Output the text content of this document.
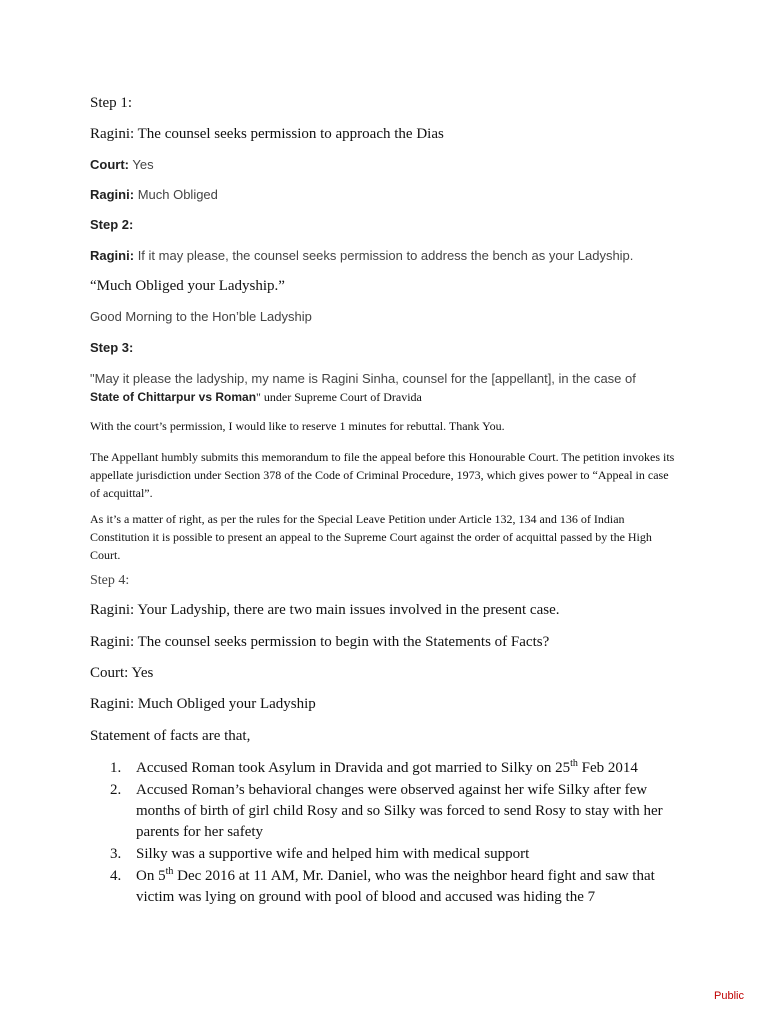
Step 1:
Ragini: The counsel seeks permission to approach the Dias
Court: Yes
Ragini: Much Obliged
Step 2:
Ragini: If it may please, the counsel seeks permission to address the bench as your Ladyship.
“Much Obliged your Ladyship.”
Good Morning to the Hon’ble Ladyship
Step 3:
"May it please the ladyship, my name is Ragini Sinha, counsel for the [appellant], in the case of
State of Chittarpur vs Roman" under Supreme Court of Dravida
With the court’s permission, I would like to reserve 1 minutes for rebuttal. Thank You.
The Appellant humbly submits this memorandum to file the appeal before this Honourable Court. The petition invokes its appellate jurisdiction under Section 378 of the Code of Criminal Procedure, 1973, which gives power to “Appeal in case of acquittal”.
As it’s a matter of right, as per the rules for the Special Leave Petition under Article 132, 134 and 136 of Indian Constitution it is possible to present an appeal to the Supreme Court against the order of acquittal passed by the High Court.
Step 4:
Ragini: Your Ladyship, there are two main issues involved in the present case.
Ragini: The counsel seeks permission to begin with the Statements of Facts?
Court: Yes
Ragini: Much Obliged your Ladyship
Statement of facts are that,
1. Accused Roman took Asylum in Dravida and got married to Silky on 25th Feb 2014
2. Accused Roman’s behavioral changes were observed against her wife Silky after few months of birth of girl child Rosy and so Silky was forced to send Rosy to stay with her parents for her safety
3. Silky was a supportive wife and helped him with medical support
4. On 5th Dec 2016 at 11 AM, Mr. Daniel, who was the neighbor heard fight and saw that victim was lying on ground with pool of blood and accused was hiding the 7
Public
